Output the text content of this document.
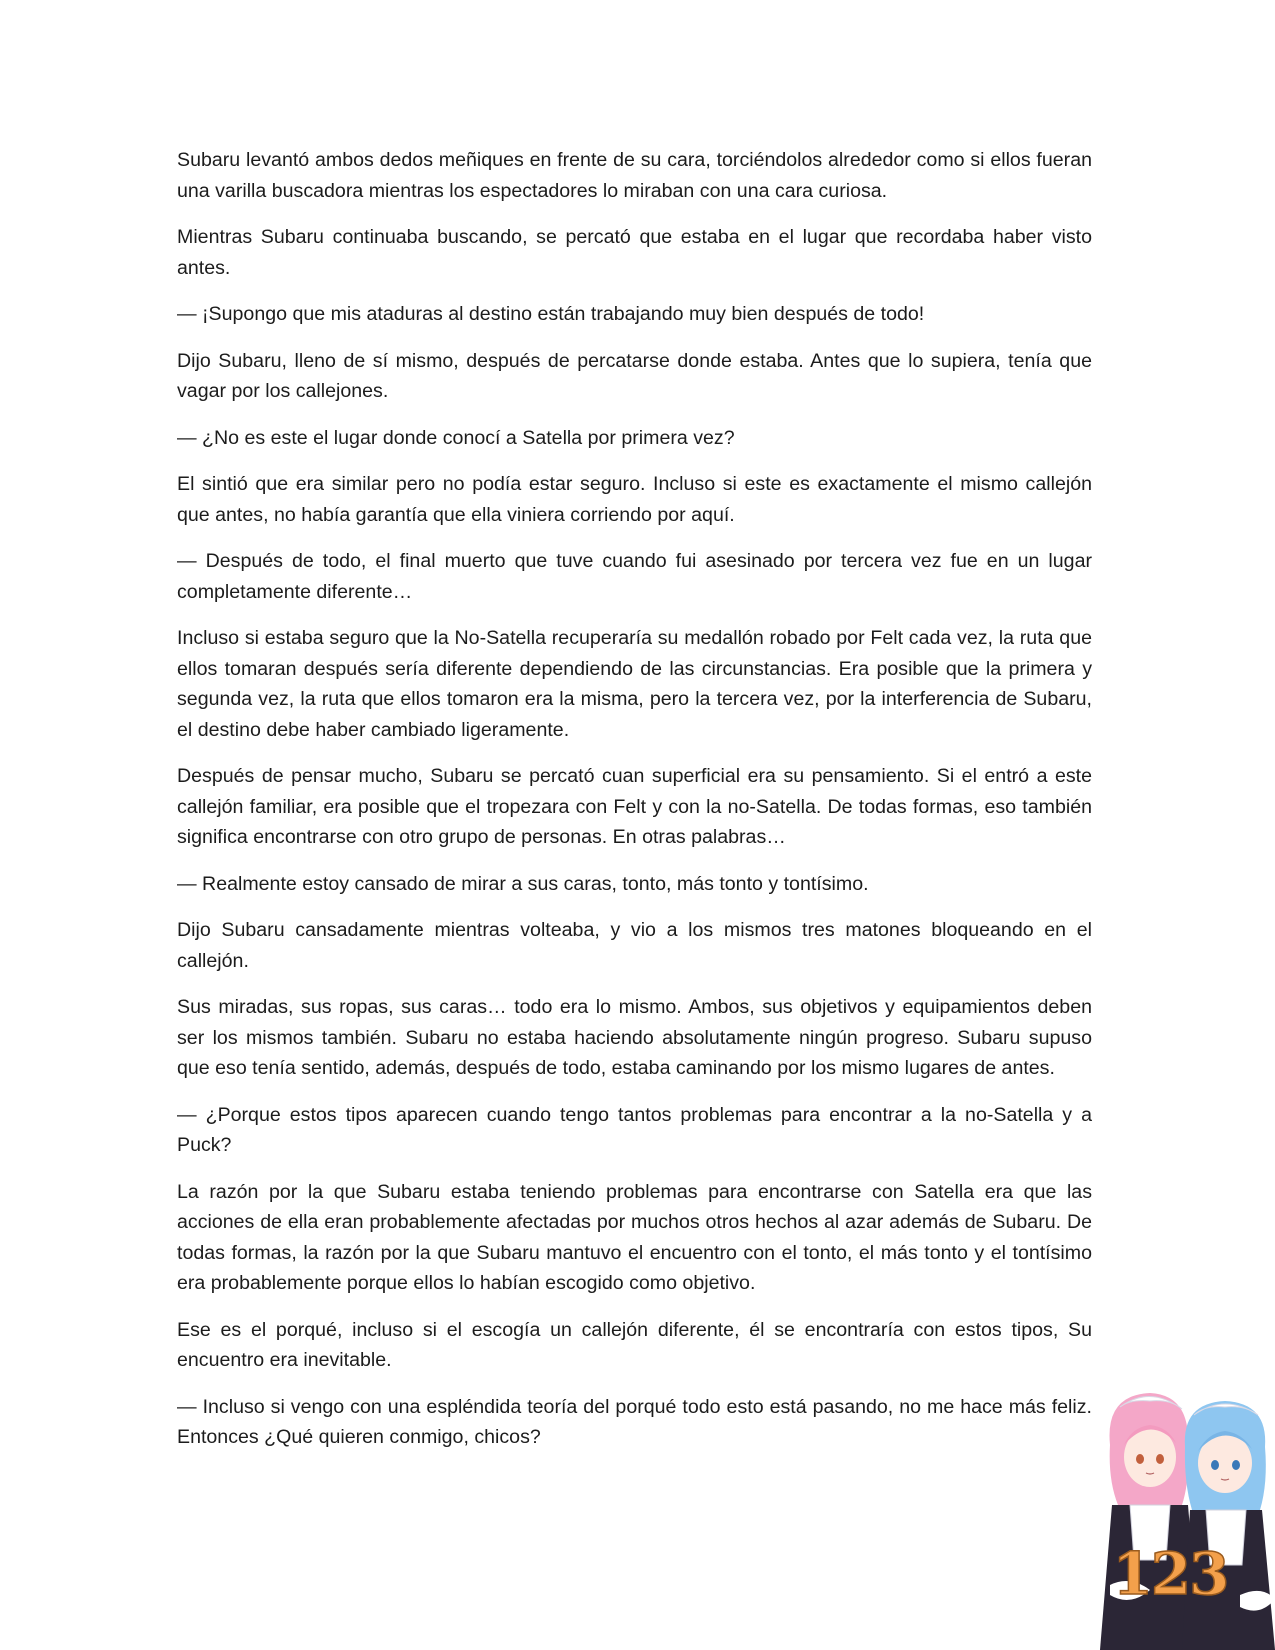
Subaru levantó ambos dedos meñiques en frente de su cara, torciéndolos alrededor como si ellos fueran una varilla buscadora mientras los espectadores lo miraban con una cara curiosa.

Mientras Subaru continuaba buscando, se percató que estaba en el lugar que recordaba haber visto antes.

— ¡Supongo que mis ataduras al destino están trabajando muy bien después de todo!

Dijo Subaru, lleno de sí mismo, después de percatarse donde estaba. Antes que lo supiera, tenía que vagar por los callejones.

— ¿No es este el lugar donde conocí a Satella por primera vez?

El sintió que era similar pero no podía estar seguro. Incluso si este es exactamente el mismo callejón que antes, no había garantía que ella viniera corriendo por aquí.

— Después de todo, el final muerto que tuve cuando fui asesinado por tercera vez fue en un lugar completamente diferente…

Incluso si estaba seguro que la No-Satella recuperaría su medallón robado por Felt cada vez, la ruta que ellos tomaran después sería diferente dependiendo de las circunstancias. Era posible que la primera y segunda vez, la ruta que ellos tomaron era la misma, pero la tercera vez, por la interferencia de Subaru, el destino debe haber cambiado ligeramente.

Después de pensar mucho, Subaru se percató cuan superficial era su pensamiento. Si el entró a este callejón familiar, era posible que el tropezara con Felt y con la no-Satella. De todas formas, eso también significa encontrarse con otro grupo de personas. En otras palabras…

— Realmente estoy cansado de mirar a sus caras, tonto, más tonto y tontísimo.

Dijo Subaru cansadamente mientras volteaba, y vio a los mismos tres matones bloqueando en el callejón.

Sus miradas, sus ropas, sus caras… todo era lo mismo. Ambos, sus objetivos y equipamientos deben ser los mismos también. Subaru no estaba haciendo absolutamente ningún progreso. Subaru supuso que eso tenía sentido, además, después de todo, estaba caminando por los mismo lugares de antes.

— ¿Porque estos tipos aparecen cuando tengo tantos problemas para encontrar a la no-Satella y a Puck?

La razón por la que Subaru estaba teniendo problemas para encontrarse con Satella era que las acciones de ella eran probablemente afectadas por muchos otros hechos al azar además de Subaru. De todas formas, la razón por la que Subaru mantuvo el encuentro con el tonto, el más tonto y el tontísimo era probablemente porque ellos lo habían escogido como objetivo.

Ese es el porqué, incluso si el escogía un callejón diferente, él se encontraría con estos tipos, Su encuentro era inevitable.

— Incluso si vengo con una espléndida teoría del porqué todo esto está pasando, no me hace más feliz. Entonces ¿Qué quieren conmigo, chicos?

123
